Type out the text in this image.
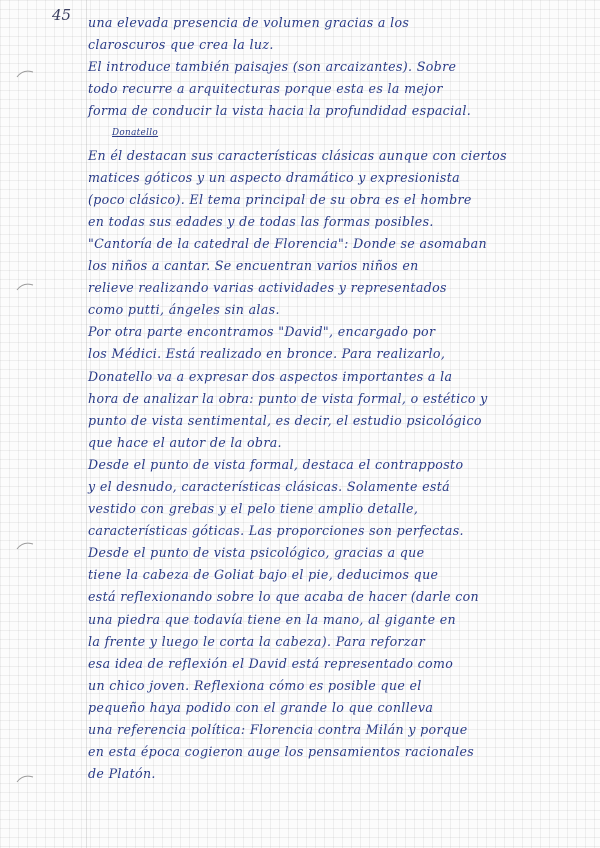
45 una elevada presencia de volumen gracias a los
claroscuros que crea la luz.
El introduce también paisajes (son arcaizantes). Sobre
todo recurre a arquitecturas porque esta es la mejor
forma de conducir la vista hacia la profundidad espacial.
Donatello
En él destacan sus características clásicas aunque con ciertos
matices góticos y un aspecto dramático y expresionista
(poco clásico). El tema principal de su obra es el hombre
en todas sus edades y de todas las formas posibles.
"Cantoría de la catedral de Florencia": Donde se asomaban
los niños a cantar. Se encuentran varios niños en
relieve realizando varias actividades y representados
como putti, ángeles sin alas.
Por otra parte encontramos "David", encargado por
los Médici. Está realizado en bronce. Para realizarlo,
Donatello va a expresar dos aspectos importantes a la
hora de analizar la obra: punto de vista formal, o estético y
punto de vista sentimental, es decir, el estudio psicológico
que hace el autor de la obra.
Desde el punto de vista formal, destaca el contrapposto
y el desnudo, características clásicas. Solamente está
vestido con grebas y el pelo tiene amplio detalle,
características góticas. Las proporciones son perfectas.
Desde el punto de vista psicológico, gracias a que
tiene la cabeza de Goliat bajo el pie, deducimos que
está reflexionando sobre lo que acaba de hacer (darle con
una piedra que todavía tiene en la mano, al gigante en
la frente y luego le corta la cabeza). Para reforzar
esa idea de reflexión el David está representado como
un chico joven. Reflexiona cómo es posible que el
pequeño haya podido con el grande lo que conlleva
una referencia política: Florencia contra Milán y porque
en esta época cogieron auge los pensamientos racionales
de Platón.
